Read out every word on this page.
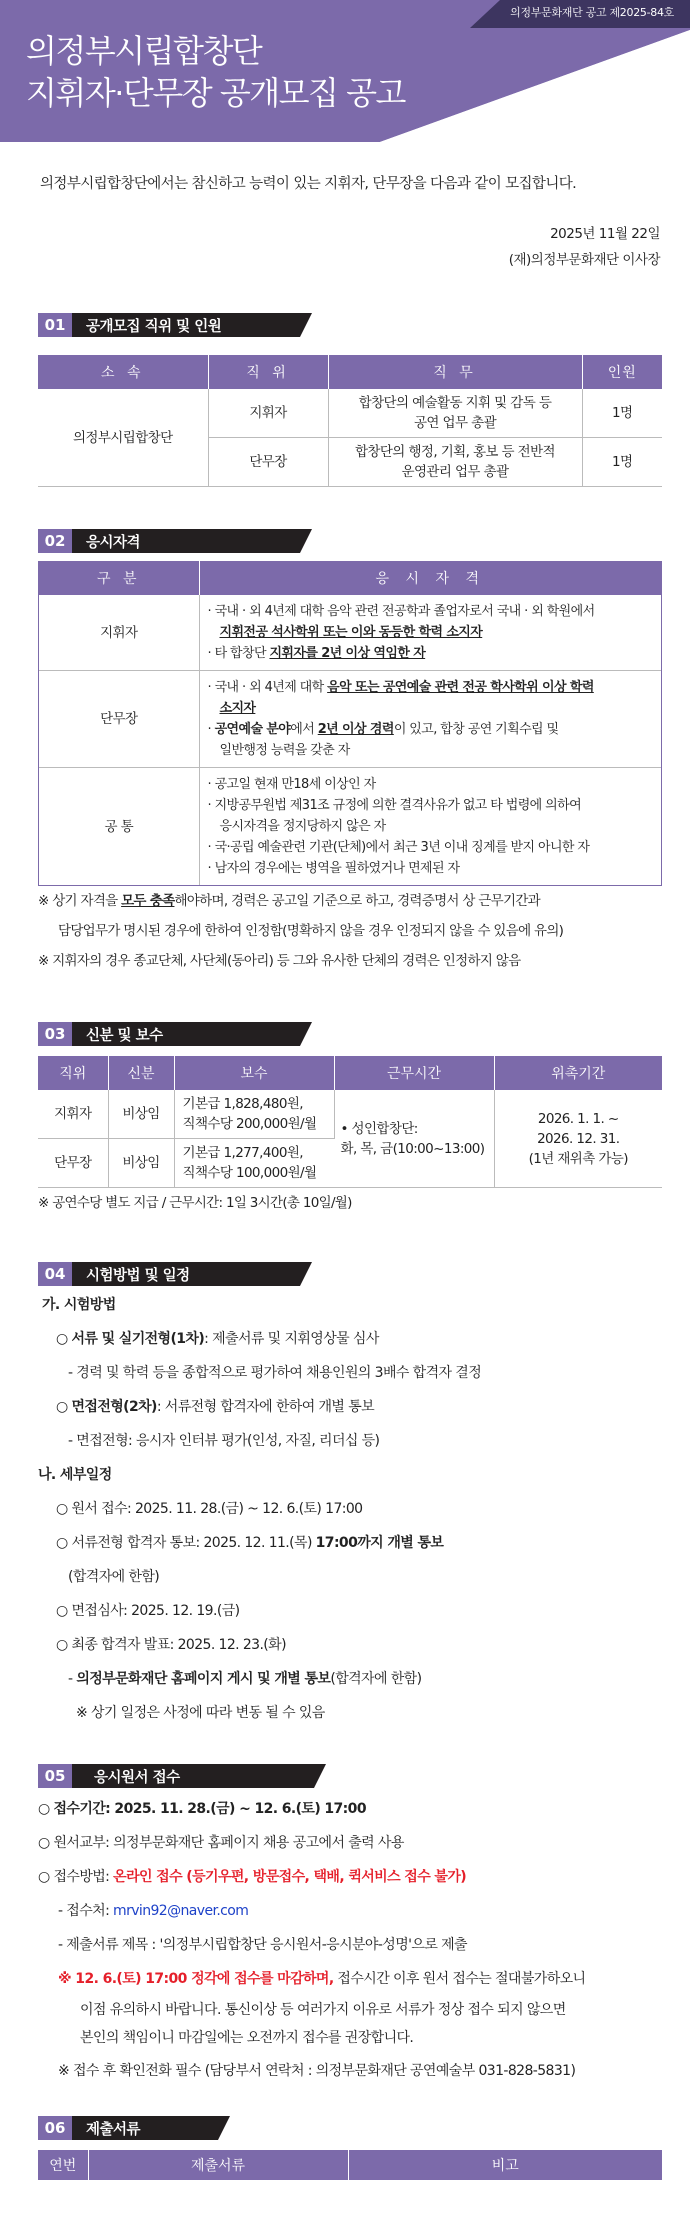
의정부문화재단 공고 제2025-84호
의정부시립합창단
지휘자·단무장 공개모집 공고

의정부시립합창단에서는 참신하고 능력이 있는 지휘자, 단무장을 다음과 같이 모집합니다.

2025년 11월 22일
(재)의정부문화재단 이사장
01	공개모집 직위 및 인원
소 속	직 위	직 무	인원
의정부시립합창단	지휘자	합창단의 예술활동 지휘 및 감독 등
공연 업무 총괄	1명
	단무장	합창단의 행정, 기획, 홍보 등 전반적
운영관리 업무 총괄	1명
02	응시자격
구 분	응 시 자 격
지휘자	· 국내 · 외 4년제 대학 음악 관련 전공학과 졸업자로서 국내 · 외 학원에서
지휘전공 석사학위 또는 이와 동등한 학력 소지자
· 타 합창단 지휘자를 2년 이상 역임한 자

단무장	· 국내 · 외 4년제 대학 음악 또는 공연예술 관련 전공 학사학위 이상 학력
소지자
· 공연예술 분야에서 2년 이상 경력이 있고, 합창 공연 기획수립 및
일반행정 능력을 갖춘 자

공 통	· 공고일 현재 만18세 이상인 자
· 지방공무원법 제31조 규정에 의한 결격사유가 없고 타 법령에 의하여
응시자격을 정지당하지 않은 자
· 국·공립 예술관련 기관(단체)에서 최근 3년 이내 징계를 받지 아니한 자
· 남자의 경우에는 병역을 필하였거나 면제된 자
※ 상기 자격을 모두 충족해야하며, 경력은 공고일 기준으로 하고, 경력증명서 상 근무기간과
담당업무가 명시된 경우에 한하여 인정함(명확하지 않을 경우 인정되지 않을 수 있음에 유의)
※ 지휘자의 경우 종교단체, 사단체(동아리) 등 그와 유사한 단체의 경력은 인정하지 않음
03	신분 및 보수
직위	신분	보수	근무시간	위촉기간
지휘자	비상임	기본급 1,828,480원,
직책수당 200,000원/월	• 성인합창단:
화, 목, 금(10:00~13:00)	2026. 1. 1. ~
2026. 12. 31.
(1년 재위촉 가능)
단무장	비상임	기본급 1,277,400원,
직책수당 100,000원/월		
※ 공연수당 별도 지급 / 근무시간: 1일 3시간(총 10일/월)
04	시험방법 및 일정
가. 시험방법
○ 서류 및 실기전형(1차): 제출서류 및 지휘영상물 심사
- 경력 및 학력 등을 종합적으로 평가하여 채용인원의 3배수 합격자 결정
○ 면접전형(2차): 서류전형 합격자에 한하여 개별 통보
- 면접전형: 응시자 인터뷰 평가(인성, 자질, 리더십 등)
나. 세부일정
○ 원서 접수: 2025. 11. 28.(금) ~ 12. 6.(토) 17:00
○ 서류전형 합격자 통보: 2025. 12. 11.(목) 17:00까지 개별 통보
(합격자에 한함)
○ 면접심사: 2025. 12. 19.(금)
○ 최종 합격자 발표: 2025. 12. 23.(화)
- 의정부문화재단 홈페이지 게시 및 개별 통보(합격자에 한함)
※ 상기 일정은 사정에 따라 변동 될 수 있음
05	응시원서 접수
○ 접수기간: 2025. 11. 28.(금) ~ 12. 6.(토) 17:00
○ 원서교부: 의정부문화재단 홈페이지 채용 공고에서 출력 사용
○ 접수방법: 온라인 접수 (등기우편, 방문접수, 택배, 퀵서비스 접수 불가)
- 접수처: mrvin92@naver.com
- 제출서류 제목 : '의정부시립합창단 응시원서-응시분야-성명'으로 제출
※ 12. 6.(토) 17:00 정각에 접수를 마감하며, 접수시간 이후 원서 접수는 절대불가하오니
이점 유의하시 바랍니다. 통신이상 등 여러가지 이유로 서류가 정상 접수 되지 않으면
본인의 책임이니 마감일에는 오전까지 접수를 권장합니다.
※ 접수 후 확인전화 필수 (담당부서 연락처 : 의정부문화재단 공연예술부 031-828-5831)
06	제출서류
연번	제출서류	비고
